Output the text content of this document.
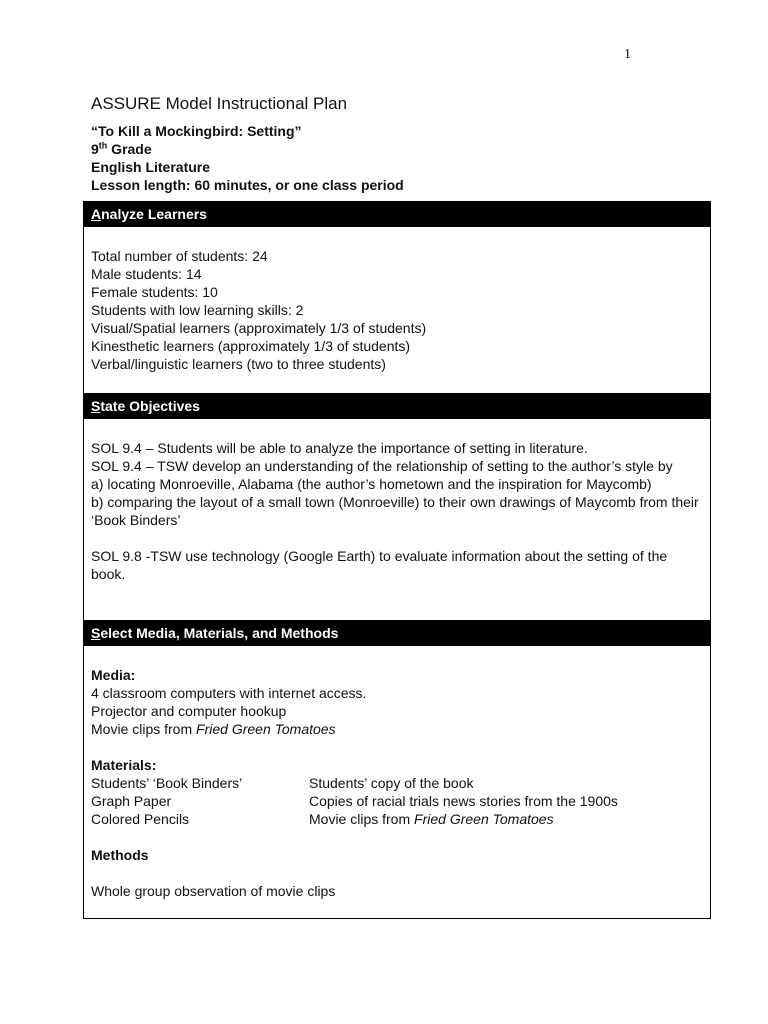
1
ASSURE Model Instructional Plan
“To Kill a Mockingbird: Setting”
9th Grade
English Literature
Lesson length: 60 minutes, or one class period
Analyze Learners

Total number of students: 24

Male students: 14

Female students: 10

Students with low learning skills: 2

Visual/Spatial learners (approximately 1/3 of students)

Kinesthetic learners (approximately 1/3 of students)

Verbal/linguistic learners (two to three students)

State Objectives

SOL 9.4 – Students will be able to analyze the importance of setting in literature.

SOL 9.4 – TSW develop an understanding of the relationship of setting to the author’s style by

a) locating Monroeville, Alabama (the author’s hometown and the inspiration for Maycomb)

b) comparing the layout of a small town (Monroeville) to their own drawings of Maycomb from their ‘Book Binders’

SOL 9.8 -TSW use technology (Google Earth) to evaluate information about the setting of the book.

Select Media, Materials, and Methods

Media:

4 classroom computers with internet access.

Projector and computer hookup

Movie clips from Fried Green Tomatoes

Materials:

Students’ ‘Book Binders’	Students’ copy of the book
Graph Paper	Copies of racial trials news stories from the 1900s
Colored Pencils	Movie clips from Fried Green Tomatoes

Methods

Whole group observation of movie clips
